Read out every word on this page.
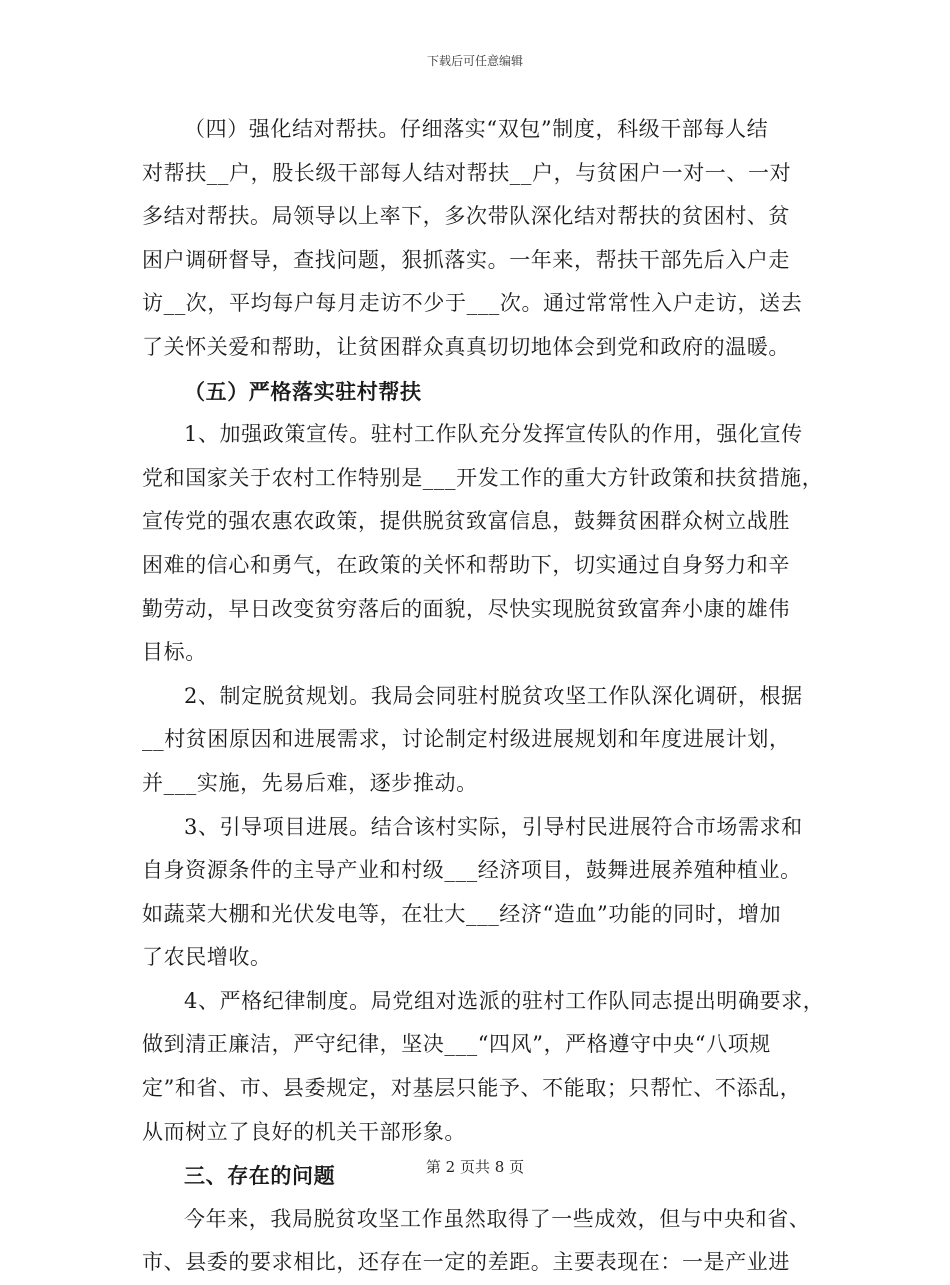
下载后可任意编辑
（四）强化结对帮扶。仔细落实“双包”制度，科级干部每人结
对帮扶__户，股长级干部每人结对帮扶__户，与贫困户一对一、一对
多结对帮扶。局领导以上率下，多次带队深化结对帮扶的贫困村、贫
困户调研督导，查找问题，狠抓落实。一年来，帮扶干部先后入户走
访__次，平均每户每月走访不少于___次。通过常常性入户走访，送去
了关怀关爱和帮助，让贫困群众真真切切地体会到党和政府的温暖。
（五）严格落实驻村帮扶
1、加强政策宣传。驻村工作队充分发挥宣传队的作用，强化宣传
党和国家关于农村工作特别是___开发工作的重大方针政策和扶贫措施，
宣传党的强农惠农政策，提供脱贫致富信息，鼓舞贫困群众树立战胜
困难的信心和勇气，在政策的关怀和帮助下，切实通过自身努力和辛
勤劳动，早日改变贫穷落后的面貌，尽快实现脱贫致富奔小康的雄伟
目标。
2、制定脱贫规划。我局会同驻村脱贫攻坚工作队深化调研，根据
__村贫困原因和进展需求，讨论制定村级进展规划和年度进展计划，
并___实施，先易后难，逐步推动。
3、引导项目进展。结合该村实际，引导村民进展符合市场需求和
自身资源条件的主导产业和村级___经济项目，鼓舞进展养殖种植业。
如蔬菜大棚和光伏发电等，在壮大___经济“造血”功能的同时，增加
了农民增收。
4、严格纪律制度。局党组对选派的驻村工作队同志提出明确要求，
做到清正廉洁，严守纪律，坚决___“四风”，严格遵守中央“八项规
定”和省、市、县委规定，对基层只能予、不能取；只帮忙、不添乱，
从而树立了良好的机关干部形象。
三、存在的问题
今年来，我局脱贫攻坚工作虽然取得了一些成效，但与中央和省、
市、县委的要求相比，还存在一定的差距。主要表现在：一是产业进
第 2 页共 8 页
